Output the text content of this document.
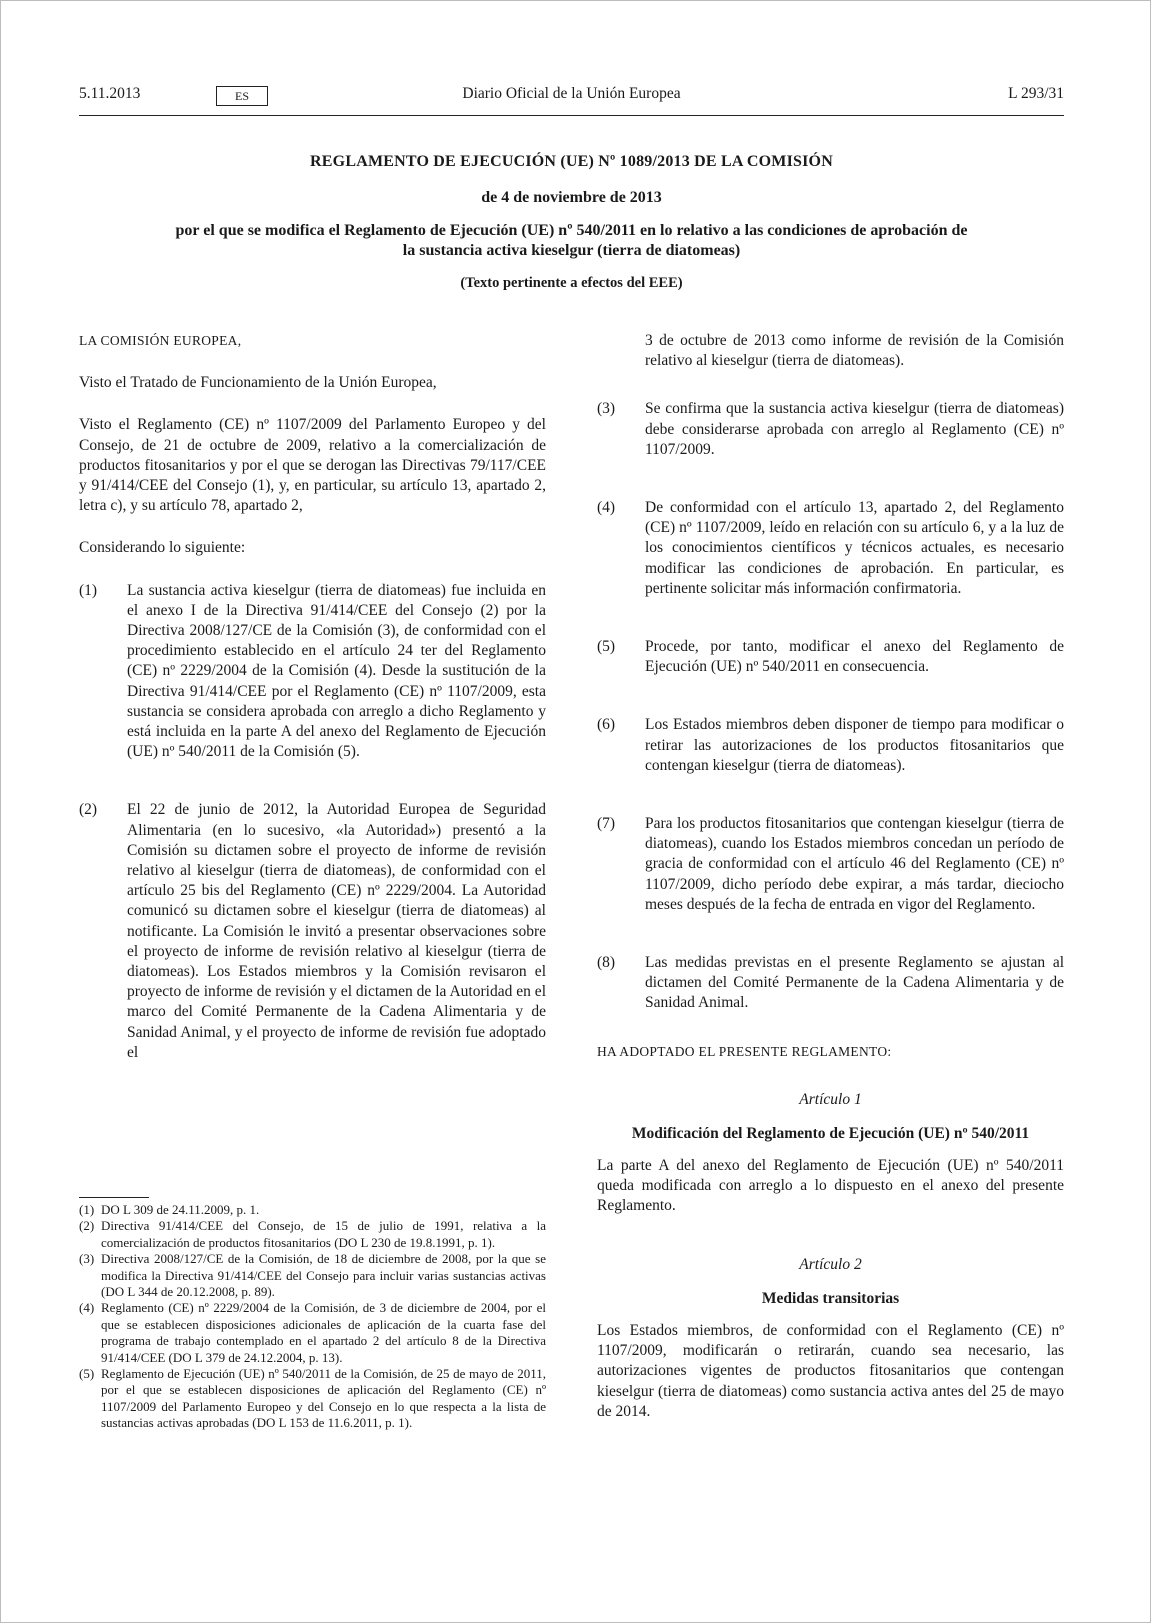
5.11.2013	ES	Diario Oficial de la Unión Europea	L 293/31

REGLAMENTO DE EJECUCIÓN (UE) Nº 1089/2013 DE LA COMISIÓN

de 4 de noviembre de 2013

por el que se modifica el Reglamento de Ejecución (UE) nº 540/2011 en lo relativo a las condiciones de aprobación de la sustancia activa kieselgur (tierra de diatomeas)

(Texto pertinente a efectos del EEE)

LA COMISIÓN EUROPEA,

Visto el Tratado de Funcionamiento de la Unión Europea,

Visto el Reglamento (CE) nº 1107/2009 del Parlamento Europeo y del Consejo, de 21 de octubre de 2009, relativo a la comercialización de productos fitosanitarios y por el que se derogan las Directivas 79/117/CEE y 91/414/CEE del Consejo (1), y, en particular, su artículo 13, apartado 2, letra c), y su artículo 78, apartado 2,

Considerando lo siguiente:

(1)	La sustancia activa kieselgur (tierra de diatomeas) fue incluida en el anexo I de la Directiva 91/414/CEE del Consejo (2) por la Directiva 2008/127/CE de la Comisión (3), de conformidad con el procedimiento establecido en el artículo 24 ter del Reglamento (CE) nº 2229/2004 de la Comisión (4). Desde la sustitución de la Directiva 91/414/CEE por el Reglamento (CE) nº 1107/2009, esta sustancia se considera aprobada con arreglo a dicho Reglamento y está incluida en la parte A del anexo del Reglamento de Ejecución (UE) nº 540/2011 de la Comisión (5).
(2)	El 22 de junio de 2012, la Autoridad Europea de Seguridad Alimentaria (en lo sucesivo, «la Autoridad») presentó a la Comisión su dictamen sobre el proyecto de informe de revisión relativo al kieselgur (tierra de diatomeas), de conformidad con el artículo 25 bis del Reglamento (CE) nº 2229/2004. La Autoridad comunicó su dictamen sobre el kieselgur (tierra de diatomeas) al notificante. La Comisión le invitó a presentar observaciones sobre el proyecto de informe de revisión relativo al kieselgur (tierra de diatomeas). Los Estados miembros y la Comisión revisaron el proyecto de informe de revisión y el dictamen de la Autoridad en el marco del Comité Permanente de la Cadena Alimentaria y de Sanidad Animal, y el proyecto de informe de revisión fue adoptado el
(1) DO L 309 de 24.11.2009, p. 1.
(2) Directiva 91/414/CEE del Consejo, de 15 de julio de 1991, relativa a la comercialización de productos fitosanitarios (DO L 230 de 19.8.1991, p. 1).
(3) Directiva 2008/127/CE de la Comisión, de 18 de diciembre de 2008, por la que se modifica la Directiva 91/414/CEE del Consejo para incluir varias sustancias activas (DO L 344 de 20.12.2008, p. 89).
(4) Reglamento (CE) nº 2229/2004 de la Comisión, de 3 de diciembre de 2004, por el que se establecen disposiciones adicionales de aplicación de la cuarta fase del programa de trabajo contemplado en el apartado 2 del artículo 8 de la Directiva 91/414/CEE (DO L 379 de 24.12.2004, p. 13).
(5) Reglamento de Ejecución (UE) nº 540/2011 de la Comisión, de 25 de mayo de 2011, por el que se establecen disposiciones de aplicación del Reglamento (CE) nº 1107/2009 del Parlamento Europeo y del Consejo en lo que respecta a la lista de sustancias activas aprobadas (DO L 153 de 11.6.2011, p. 1).
3 de octubre de 2013 como informe de revisión de la Comisión relativo al kieselgur (tierra de diatomeas).
(3)	Se confirma que la sustancia activa kieselgur (tierra de diatomeas) debe considerarse aprobada con arreglo al Reglamento (CE) nº 1107/2009.
(4)	De conformidad con el artículo 13, apartado 2, del Reglamento (CE) nº 1107/2009, leído en relación con su artículo 6, y a la luz de los conocimientos científicos y técnicos actuales, es necesario modificar las condiciones de aprobación. En particular, es pertinente solicitar más información confirmatoria.
(5)	Procede, por tanto, modificar el anexo del Reglamento de Ejecución (UE) nº 540/2011 en consecuencia.
(6)	Los Estados miembros deben disponer de tiempo para modificar o retirar las autorizaciones de los productos fitosanitarios que contengan kieselgur (tierra de diatomeas).
(7)	Para los productos fitosanitarios que contengan kieselgur (tierra de diatomeas), cuando los Estados miembros concedan un período de gracia de conformidad con el artículo 46 del Reglamento (CE) nº 1107/2009, dicho período debe expirar, a más tardar, dieciocho meses después de la fecha de entrada en vigor del Reglamento.
(8)	Las medidas previstas en el presente Reglamento se ajustan al dictamen del Comité Permanente de la Cadena Alimentaria y de Sanidad Animal.

HA ADOPTADO EL PRESENTE REGLAMENTO:

Artículo 1

Modificación del Reglamento de Ejecución (UE) nº 540/2011

La parte A del anexo del Reglamento de Ejecución (UE) nº 540/2011 queda modificada con arreglo a lo dispuesto en el anexo del presente Reglamento.

Artículo 2

Medidas transitorias

Los Estados miembros, de conformidad con el Reglamento (CE) nº 1107/2009, modificarán o retirarán, cuando sea necesario, las autorizaciones vigentes de productos fitosanitarios que contengan kieselgur (tierra de diatomeas) como sustancia activa antes del 25 de mayo de 2014.
